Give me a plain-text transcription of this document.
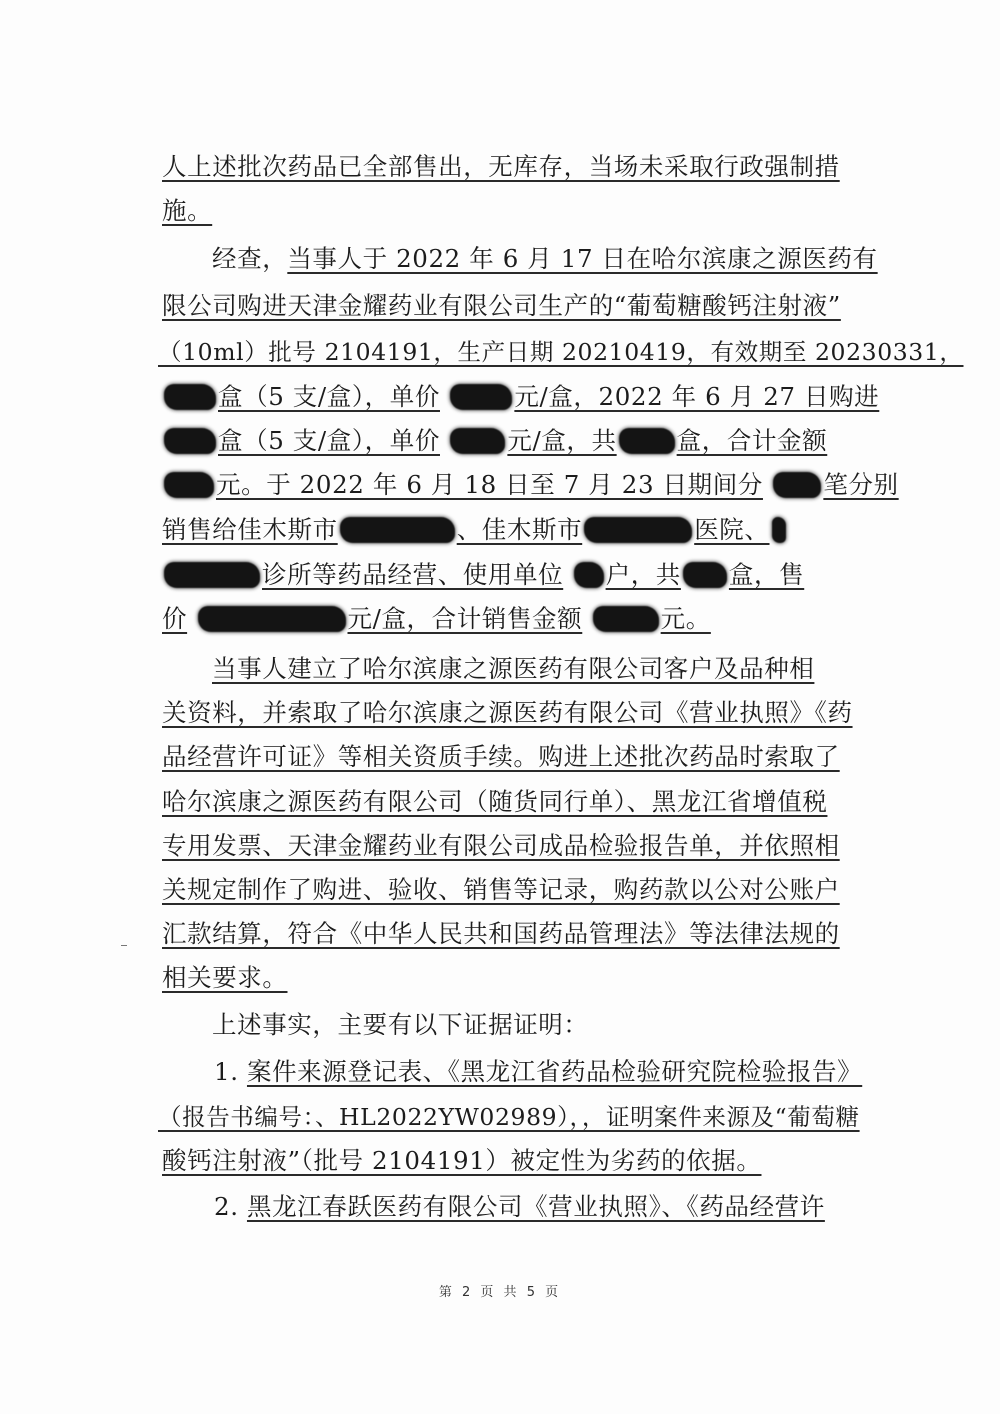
人上述批次药品已全部售出，无库存，当场未采取行政强制措
施。
经查，当事人于 2022 年 6 月 17 日在哈尔滨康之源医药有
限公司购进天津金耀药业有限公司生产的“葡萄糖酸钙注射液”
（10ml）批号 2104191，生产日期 20210419，有效期至 20230331，
盒（5 支/盒），单价	元/盒，2022 年 6 月 27 日购进
盒（5 支/盒），单价	元/盒，共 盒，合计金额
元。于 2022 年 6 月 18 日至 7 月 23 日期间分 笔分别
销售给佳木斯市	、佳木斯市	医院、
诊所等药品经营、使用单位 户，共 盒，售
价	元/盒，合计销售金额	元。
当事人建立了哈尔滨康之源医药有限公司客户及品种相
关资料，并索取了哈尔滨康之源医药有限公司《营业执照》《药
品经营许可证》等相关资质手续。购进上述批次药品时索取了
哈尔滨康之源医药有限公司（随货同行单）、黑龙江省增值税
专用发票、天津金耀药业有限公司成品检验报告单，并依照相
关规定制作了购进、验收、销售等记录，购药款以公对公账户
汇款结算，符合《中华人民共和国药品管理法》等法律法规的
相关要求。
上述事实，主要有以下证据证明：
1. 案件来源登记表、《黑龙江省药品检验研究院检验报告》
（报告书编号：、HL2022YW02989），，证明案件来源及“葡萄糖
酸钙注射液”（批号 2104191）被定性为劣药的依据。
2. 黑龙江春跃医药有限公司《营业执照》、《药品经营许
第 2 页 共 5 页
